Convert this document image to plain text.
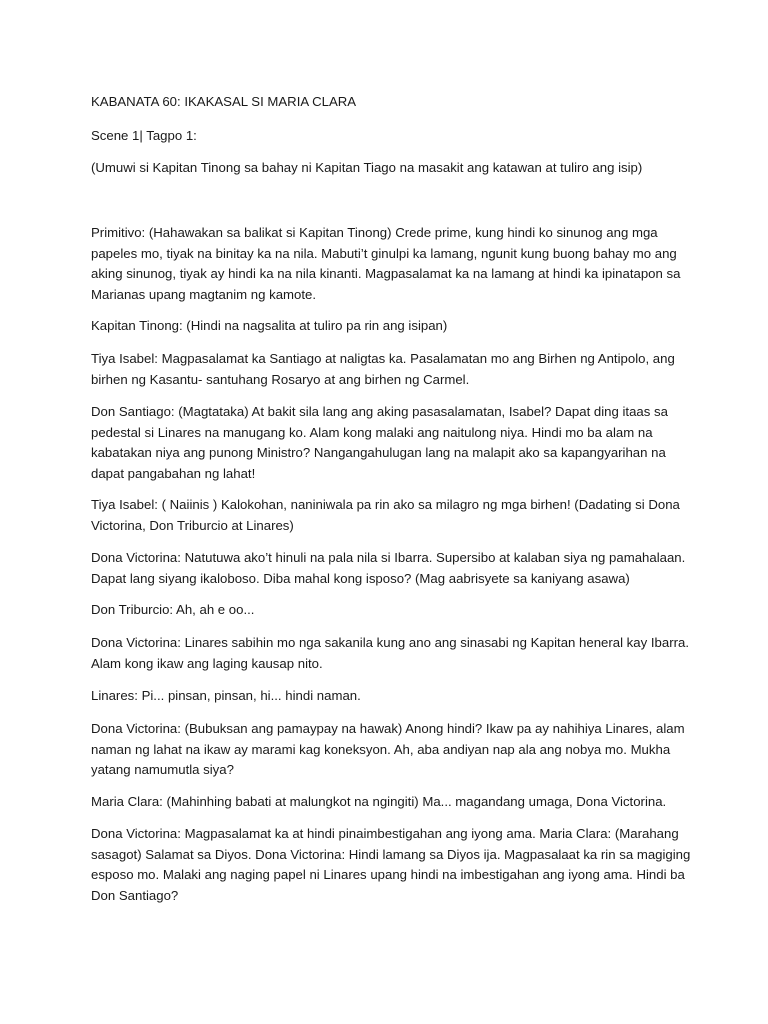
KABANATA 60: IKAKASAL SI MARIA CLARA

Scene 1| Tagpo 1:

(Umuwi si Kapitan Tinong sa bahay ni Kapitan Tiago na masakit ang katawan at tuliro ang isip)

Primitivo: (Hahawakan sa balikat si Kapitan Tinong) Crede prime, kung hindi ko sinunog ang mga papeles mo, tiyak na binitay ka na nila. Mabuti’t ginulpi ka lamang, ngunit kung buong bahay mo ang aking sinunog, tiyak ay hindi ka na nila kinanti. Magpasalamat ka na lamang at hindi ka ipinatapon sa Marianas upang magtanim ng kamote.

Kapitan Tinong: (Hindi na nagsalita at tuliro pa rin ang isipan)

Tiya Isabel: Magpasalamat ka Santiago at naligtas ka. Pasalamatan mo ang Birhen ng Antipolo, ang birhen ng Kasantu- santuhang Rosaryo at ang birhen ng Carmel.

Don Santiago: (Magtataka) At bakit sila lang ang aking pasasalamatan, Isabel? Dapat ding itaas sa pedestal si Linares na manugang ko. Alam kong malaki ang naitulong niya. Hindi mo ba alam na kabatakan niya ang punong Ministro? Nangangahulugan lang na malapit ako sa kapangyarihan na dapat pangabahan ng lahat!

Tiya Isabel: ( Naiinis ) Kalokohan, naniniwala pa rin ako sa milagro ng mga birhen! (Dadating si Dona Victorina, Don Triburcio at Linares)

Dona Victorina: Natutuwa ako’t hinuli na pala nila si Ibarra. Supersibo at kalaban siya ng pamahalaan. Dapat lang siyang ikaloboso. Diba mahal kong isposo? (Mag aabrisyete sa kaniyang asawa)

Don Triburcio: Ah, ah e oo...

Dona Victorina: Linares sabihin mo nga sakanila kung ano ang sinasabi ng Kapitan heneral kay Ibarra. Alam kong ikaw ang laging kausap nito.

Linares: Pi... pinsan, pinsan, hi... hindi naman.

Dona Victorina: (Bubuksan ang pamaypay na hawak) Anong hindi? Ikaw pa ay nahihiya Linares, alam naman ng lahat na ikaw ay marami kag koneksyon. Ah, aba andiyan nap ala ang nobya mo. Mukha yatang namumutla siya?

Maria Clara: (Mahinhing babati at malungkot na ngingiti) Ma... magandang umaga, Dona Victorina.

Dona Victorina: Magpasalamat ka at hindi pinaimbestigahan ang iyong ama. Maria Clara: (Marahang sasagot) Salamat sa Diyos. Dona Victorina: Hindi lamang sa Diyos ija. Magpasalaat ka rin sa magiging esposo mo. Malaki ang naging papel ni Linares upang hindi na imbestigahan ang iyong ama. Hindi ba Don Santiago?
